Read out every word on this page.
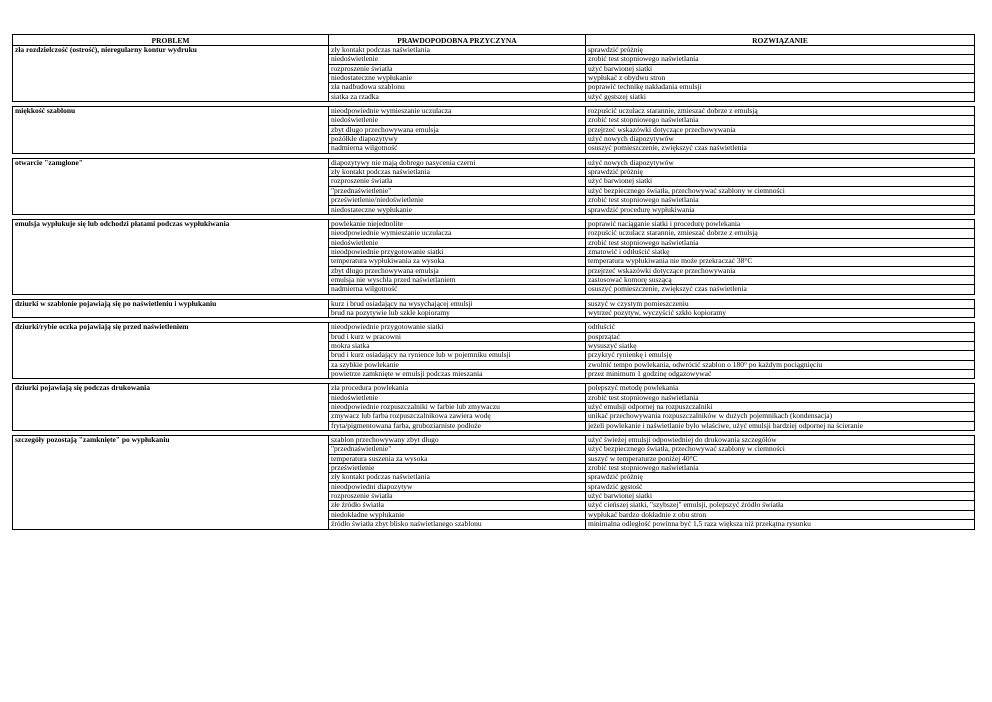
PROBLEM	PRAWDOPODOBNA PRZYCZYNA	ROZWIĄZANIE
zła rozdzielczość (ostrość), nieregularny kontur wydruku	zły kontakt podczas naświetlania	sprawdzić próżnię
	niedoświetlenie	zrobić test stopniowego naświetlania
	rozproszenie światła	użyć barwionej siatki
	niedostateczne wypłukanie	wypłukać z obydwu stron
	zła nadbudowa szablonu	poprawić technikę nakładania emulsji
	siatka za rzadka	użyć gęstszej siatki

miękkość szablonu	nieodpowiednie wymieszanie uczulacza	rozpuścić uczulacz starannie, zmieszać dobrze z emulsją
	niedoświetlenie	zrobić test stopniowego naświetlania
	zbyt długo przechowywana emulsja	przejrzeć wskazówki dotyczące przechowywania
	pożółkłe diapozytywy	użyć nowych diapozytywów
	nadmierna wilgotność	osuszyć pomieszczenie, zwiększyć czas naświetlenia

otwarcie "zamglone"	diapozytywy nie mają dobrego nasycenia czerni	użyć nowych diapozytywów
	zły kontakt podczas naświetlania	sprawdzić próżnię
	rozproszenie światła	użyć barwionej siatki
	"przednaświetlenie"	użyć bezpiecznego światła, przechowywać szablony w ciemności
	prześwietlenie/niedoświetlenie	zrobić test stopniowego naświetlania
	niedostateczne wypłukanie	sprawdzić procedurę wypłukiwania

emulsja wypłukuje się lub odchodzi płatami podczas wypłukiwania	powlekanie niejednolite	poprawić naciąganie siatki i procedurę powlekania
	nieodpowiednie wymieszanie uczulacza	rozpuścić uczulacz starannie, zmieszać dobrze z emulsją
	niedoświetlenie	zrobić test stopniowego naświetlania
	nieodpowiednie przygotowanie siatki	zmatowić i odtłuścić siatkę
	temperatura wypłukiwania za wysoka	temperatura wypłukiwania nie może przekraczać 38°C
	zbyt długo przechowywana emulsja	przejrzeć wskazówki dotyczące przechowywania
	emulsja nie wyschła przed naświetlaniem	zastosować komorę suszącą
	nadmierna wilgotność	osuszyć pomieszczenie, zwiększyć czas naświetlenia

dziurki w szablonie pojawiają się po naświetleniu i wypłukaniu	kurz i brud osiadający na wysychającej emulsji	suszyć w czystym pomieszczeniu
	brud na pozytywie lub szkle kopioramy	wytrzeć pozytyw, wyczyścić szkło kopioramy

dziurki/rybie oczka pojawiają się przed naświetleniem	nieodpowiednie przygotowanie siatki	odtłuścić
	brud i kurz w pracowni	posprzątać
	mokra siatka	wysuszyć siatkę
	brud i kurz osiadający na rynience lub w pojemniku emulsji	przykryć rynienkę i emulsję
	za szybkie powlekanie	zwolnić tempo powlekania, odwrócić szablon o 180° po każdym pociągnięciu
	powietrze zamknięte w emulsji podczas mieszania	przez minimum 1 godzinę odgazowywać

dziurki pojawiają się podczas drukowania	zła procedura powlekania	polepszyć metodę powlekania
	niedoświetlenie	zrobić test stopniowego naświetlania
	nieodpowiednie rozpuszczalniki w farbie lub zmywaczu	użyć emulsji odpornej na rozpuszczalniki
	zmywacz lub farba rozpuszczalnikowa zawiera wodę	unikać przechowywania rozpuszczalników w dużych pojemnikach (kondensacja)
	fryta/pigmentowana farba, gruboziarniste podłoże	jeżeli powlekanie i naświetlanie było właściwe, użyć emulsji bardziej odpornej na ścieranie

szczegóły pozostają "zamknięte" po wypłukaniu	szablon przechowywany zbyt długo	użyć świeżej emulsji odpowiedniej do drukowania szczegółów
	"przednaświetlenie"	użyć bezpiecznego światła, przechowywać szablony w ciemności
	temperatura suszenia za wysoka	suszyć w temperaturze poniżej 40°C
	prześwietlenie	zrobić test stopniowego naświetlania
	zły kontakt podczas naświetlania	sprawdzić próżnię
	nieodpowiedni diapozytyw	sprawdzić gęstość
	rozproszenie światła	użyć barwionej siatki
	złe źródło światła	użyć cieńszej siatki, "szybszej" emulsji, polepszyć źródło światła
	niedokładne wypłukanie	wypłukać bardzo dokładnie z obu stron
	źródło światła zbyt blisko naświetlanego szablonu	minimalna odległość powinna być 1,5 raza większa niż przekątna rysunku
